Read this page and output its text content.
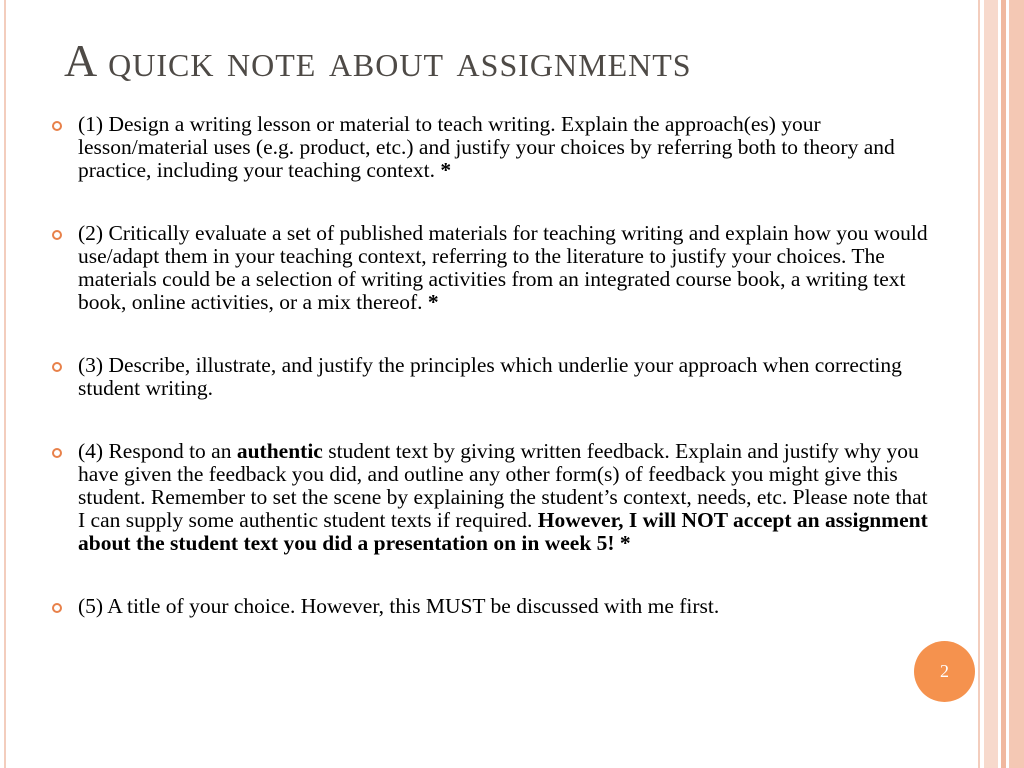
A quick note about assignments
(1) Design a writing lesson or material to teach writing. Explain the approach(es) your lesson/material uses (e.g. product, etc.) and justify your choices by referring both to theory and practice, including your teaching context. *
(2) Critically evaluate a set of published materials for teaching writing and explain how you would use/adapt them in your teaching context, referring to the literature to justify your choices. The materials could be a selection of writing activities from an integrated course book, a writing text book, online activities, or a mix thereof. *
(3) Describe, illustrate, and justify the principles which underlie your approach when correcting student writing.
(4) Respond to an authentic student text by giving written feedback. Explain and justify why you have given the feedback you did, and outline any other form(s) of feedback you might give this student. Remember to set the scene by explaining the student’s context, needs, etc. Please note that I can supply some authentic student texts if required. However, I will NOT accept an assignment about the student text you did a presentation on in week 5! *
(5) A title of your choice. However, this MUST be discussed with me first.
2
